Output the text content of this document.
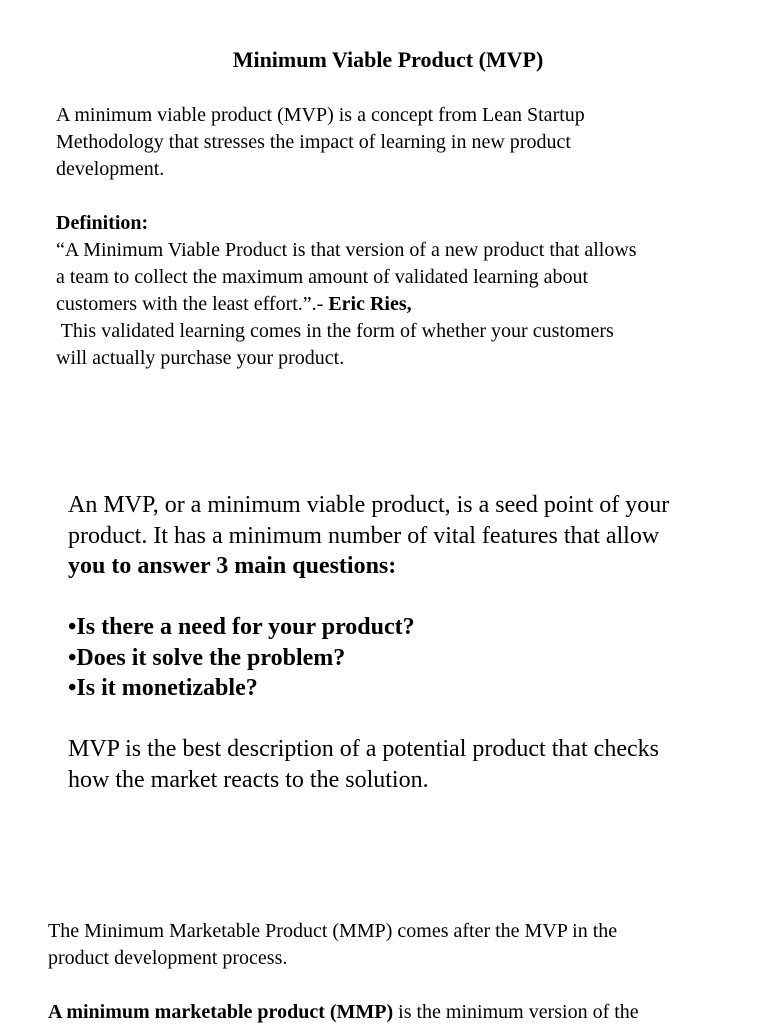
Minimum Viable Product (MVP)

A minimum viable product (MVP) is a concept from Lean Startup

Methodology that stresses the impact of learning in new product

development.

Definition:

“A Minimum Viable Product is that version of a new product that allows

a team to collect the maximum amount of validated learning about

customers with the least effort.”.- Eric Ries,

This validated learning comes in the form of whether your customers

will actually purchase your product.

An MVP, or a minimum viable product, is a seed point of your

product. It has a minimum number of vital features that allow

you to answer 3 main questions:

•Is there a need for your product?
•Does it solve the problem?
•Is it monetizable?

MVP is the best description of a potential product that checks

how the market reacts to the solution.

The Minimum Marketable Product (MMP) comes after the MVP in the

product development process.

A minimum marketable product (MMP) is the minimum version of the
